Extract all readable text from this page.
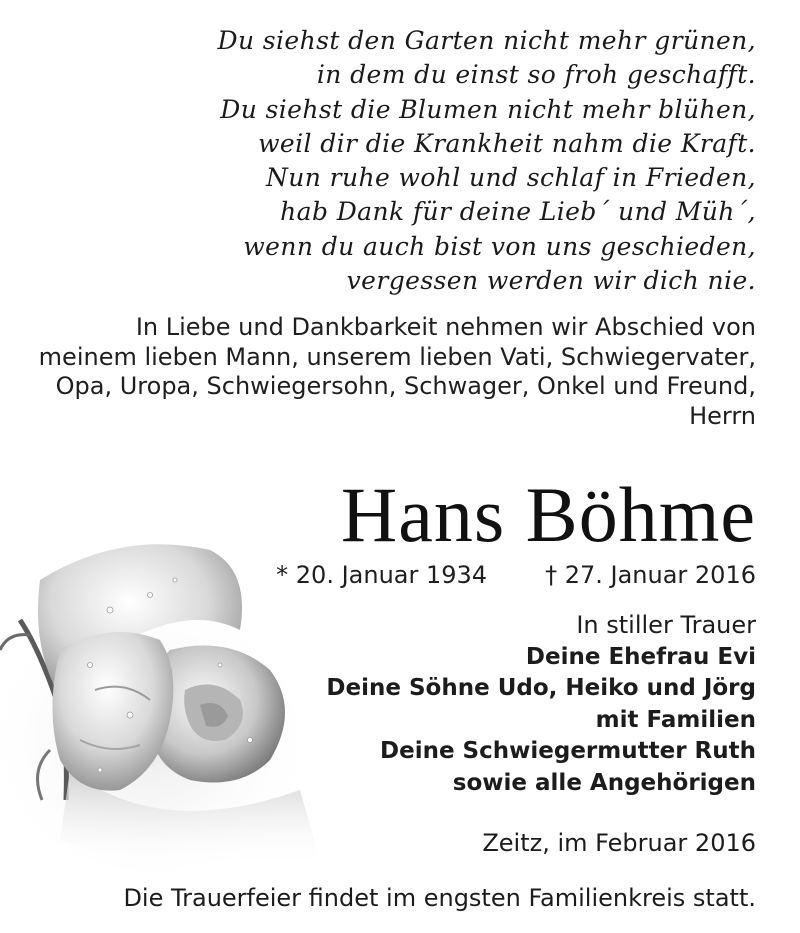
Du siehst den Garten nicht mehr grünen,
in dem du einst so froh geschafft.
Du siehst die Blumen nicht mehr blühen,
weil dir die Krankheit nahm die Kraft.
Nun ruhe wohl und schlaf in Frieden,
hab Dank für deine Lieb´ und Müh´,
wenn du auch bist von uns geschieden,
vergessen werden wir dich nie.
In Liebe und Dankbarkeit nehmen wir Abschied von
meinem lieben Mann, unserem lieben Vati, Schwiegervater,
Opa, Uropa, Schwiegersohn, Schwager, Onkel und Freund,
Herrn
Hans Böhme
* 20. Januar 1934 † 27. Januar 2016
In stiller Trauer
Deine Ehefrau Evi
Deine Söhne Udo, Heiko und Jörg
mit Familien
Deine Schwiegermutter Ruth
sowie alle Angehörigen
Zeitz, im Februar 2016
Die Trauerfeier findet im engsten Familienkreis statt.
